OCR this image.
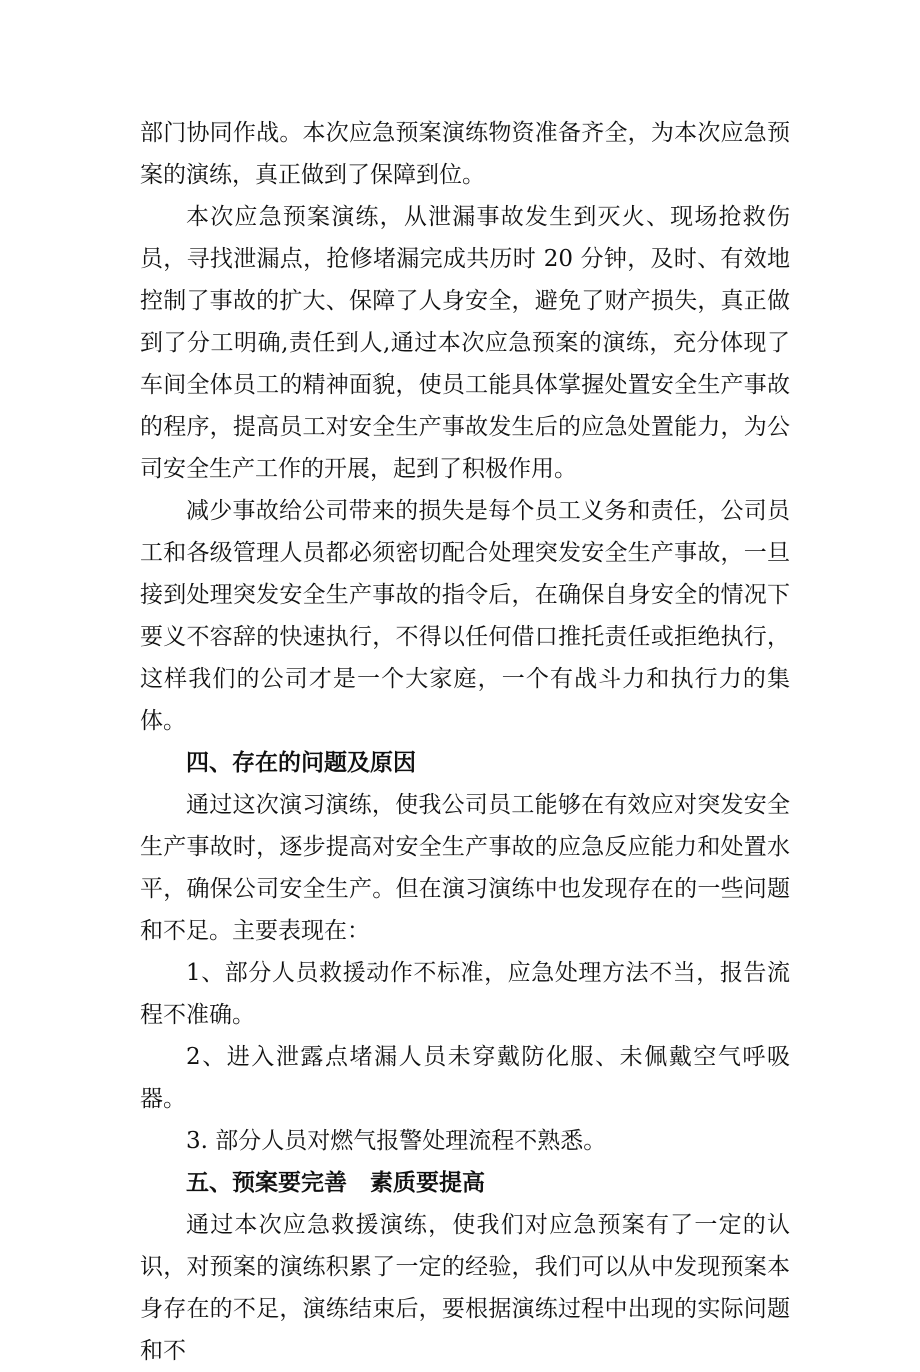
部门协同作战。本次应急预案演练物资准备齐全，为本次应急预案的演练，真正做到了保障到位。

本次应急预案演练，从泄漏事故发生到灭火、现场抢救伤员，寻找泄漏点，抢修堵漏完成共历时 20 分钟，及时、有效地控制了事故的扩大、保障了人身安全，避免了财产损失，真正做到了分工明确,责任到人,通过本次应急预案的演练，充分体现了车间全体员工的精神面貌，使员工能具体掌握处置安全生产事故的程序，提高员工对安全生产事故发生后的应急处置能力，为公司安全生产工作的开展，起到了积极作用。

减少事故给公司带来的损失是每个员工义务和责任，公司员工和各级管理人员都必须密切配合处理突发安全生产事故，一旦接到处理突发安全生产事故的指令后，在确保自身安全的情况下要义不容辞的快速执行，不得以任何借口推托责任或拒绝执行，这样我们的公司才是一个大家庭，一个有战斗力和执行力的集体。

四、存在的问题及原因

通过这次演习演练，使我公司员工能够在有效应对突发安全生产事故时，逐步提高对安全生产事故的应急反应能力和处置水平，确保公司安全生产。但在演习演练中也发现存在的一些问题和不足。主要表现在：

1、部分人员救援动作不标准，应急处理方法不当，报告流程不准确。

2、进入泄露点堵漏人员未穿戴防化服、未佩戴空气呼吸器。

3. 部分人员对燃气报警处理流程不熟悉。

五、预案要完善　素质要提高

通过本次应急救援演练，使我们对应急预案有了一定的认识，对预案的演练积累了一定的经验，我们可以从中发现预案本身存在的不足，演练结束后，要根据演练过程中出现的实际问题和不
